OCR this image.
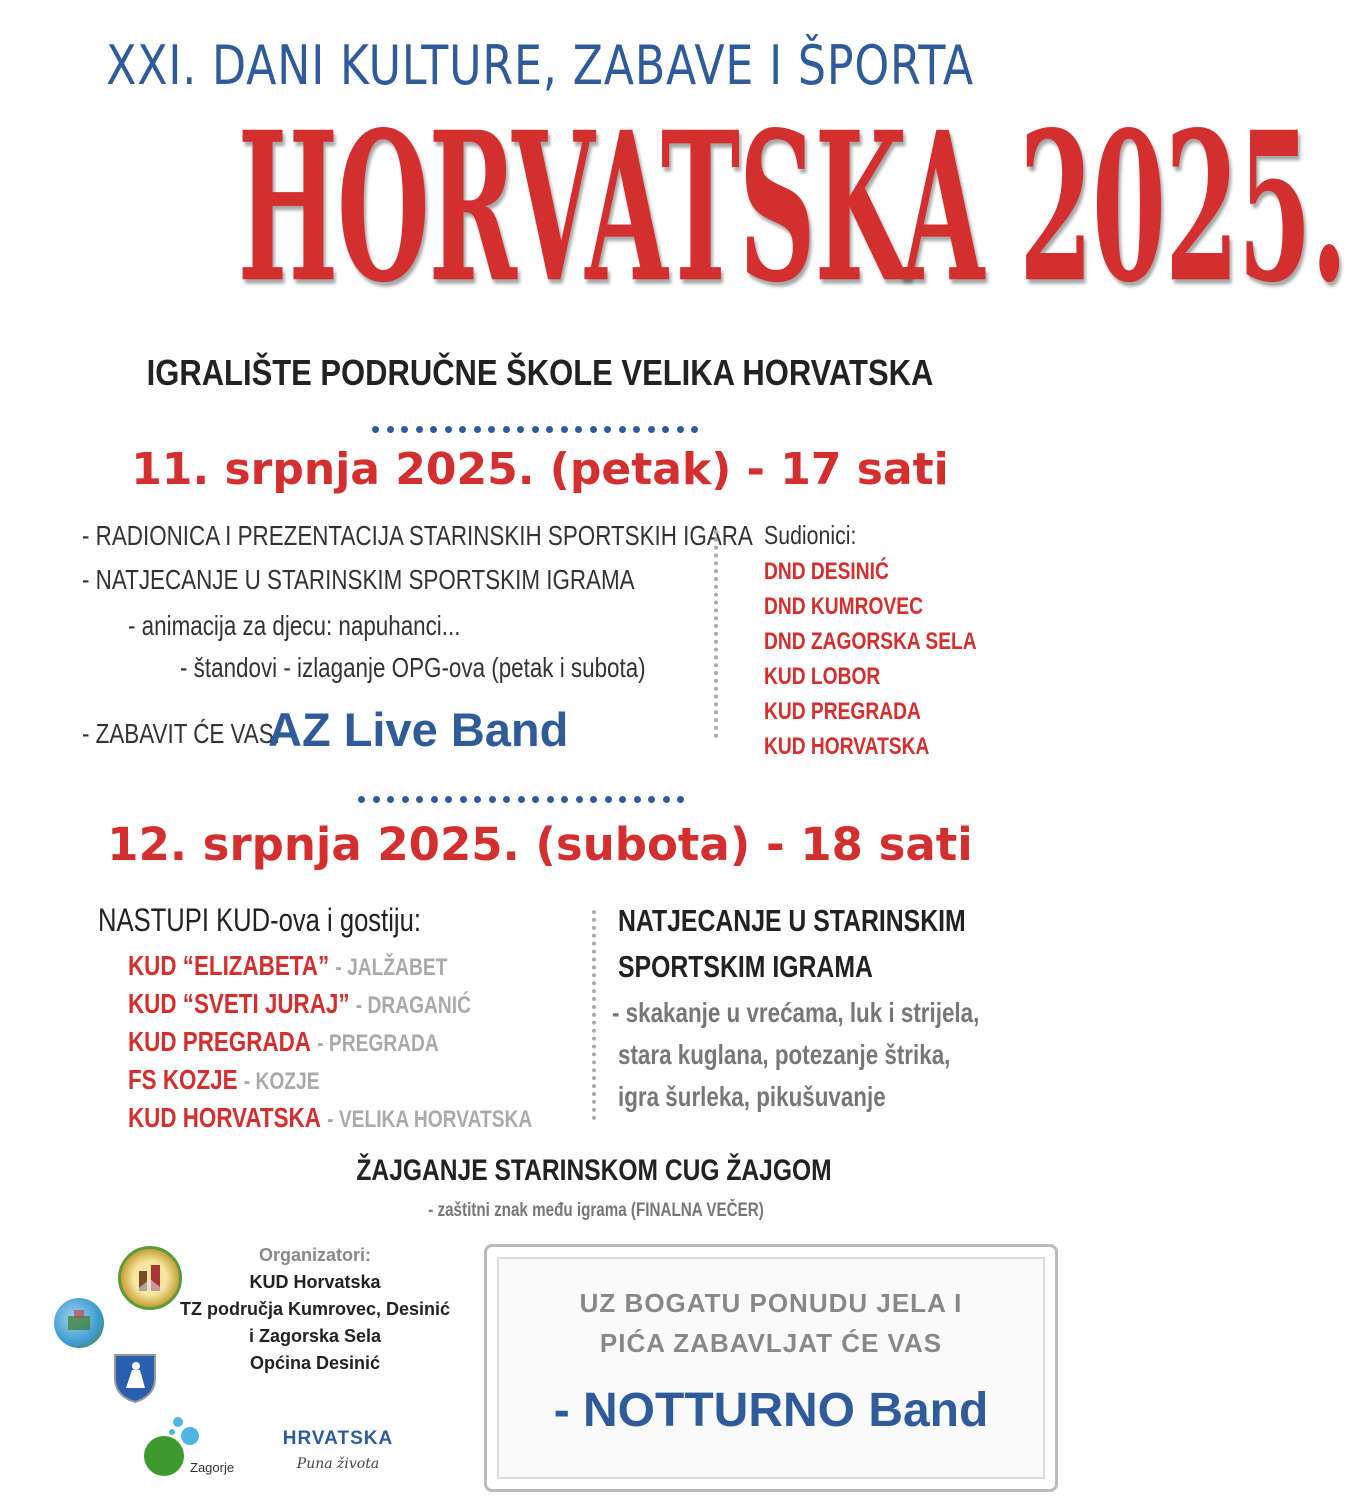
XXI. DANI KULTURE, ZABAVE I ŠPORTA
HORVATSKA 2025.
IGRALIŠTE PODRUČNE ŠKOLE VELIKA HORVATSKA
11. srpnja 2025. (petak) - 17 sati
- RADIONICA I PREZENTACIJA STARINSKIH SPORTSKIH IGARA
- NATJECANJE U STARINSKIM SPORTSKIM IGRAMA
- animacija za djecu: napuhanci...
- štandovi - izlaganje OPG-ova (petak i subota)
- ZABAVIT ĆE VAS:
AZ Live Band
Sudionici:
DND DESINIĆ
DND KUMROVEC
DND ZAGORSKA SELA
KUD LOBOR
KUD PREGRADA
KUD HORVATSKA
12. srpnja 2025. (subota) - 18 sati
NASTUPI KUD-ova i gostiju:
KUD “ELIZABETA” - JALŽABET
KUD “SVETI JURAJ” - DRAGANIĆ
KUD PREGRADA - PREGRADA
FS KOZJE - KOZJE
KUD HORVATSKA - VELIKA HORVATSKA
NATJECANJE U STARINSKIM
SPORTSKIM IGRAMA
- skakanje u vrećama, luk i strijela,
stara kuglana, potezanje štrika,
igra šurleka, pikušuvanje
ŽAJGANJE STARINSKOM CUG ŽAJGOM
- zaštitni znak među igrama (FINALNA VEČER)
Organizatori:
KUD Horvatska
TZ područja Kumrovec, Desinić
i Zagorska Sela
Općina Desinić
Zagorje
HRVATSKA
Puna života
UZ BOGATU PONUDU JELA I
PIĆA ZABAVLJAT ĆE VAS
- NOTTURNO Band
